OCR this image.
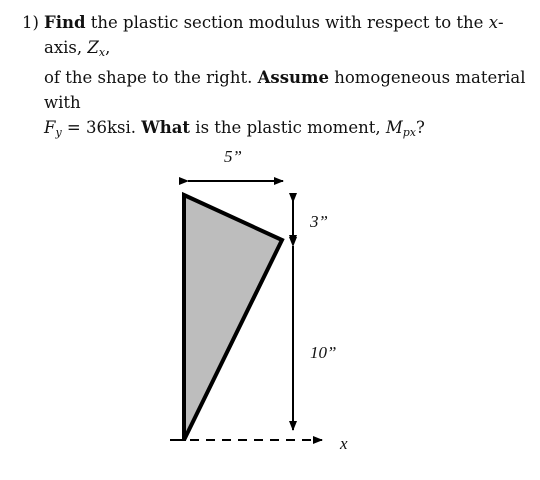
1) Find the plastic section modulus with respect to the x-axis, $Z_x$,
of the shape to the right. Assume homogeneous material with
$F_y = 36ksi$. What is the plastic moment, $M_{px}$?
5”
3”
10”
x
